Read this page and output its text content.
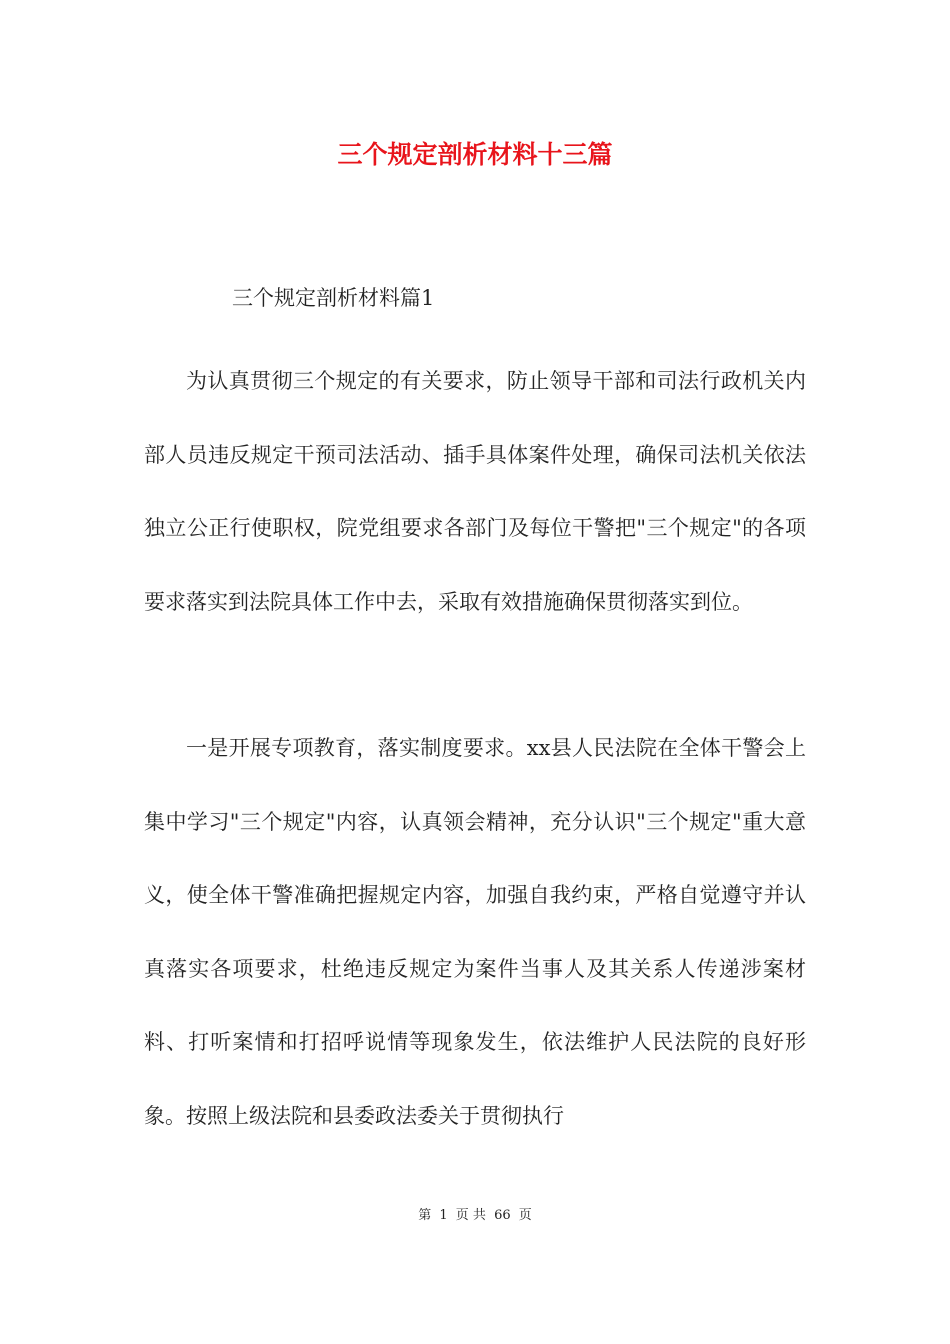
三个规定剖析材料十三篇

三个规定剖析材料篇1

为认真贯彻三个规定的有关要求，防止领导干部和司法行政机关内部人员违反规定干预司法活动、插手具体案件处理，确保司法机关依法独立公正行使职权，院党组要求各部门及每位干警把"三个规定"的各项要求落实到法院具体工作中去，采取有效措施确保贯彻落实到位。

一是开展专项教育，落实制度要求。xx县人民法院在全体干警会上集中学习"三个规定"内容，认真领会精神，充分认识"三个规定"重大意义，使全体干警准确把握规定内容，加强自我约束，严格自觉遵守并认真落实各项要求，杜绝违反规定为案件当事人及其关系人传递涉案材料、打听案情和打招呼说情等现象发生，依法维护人民法院的良好形象。按照上级法院和县委政法委关于贯彻执行

第 1 页 共 66 页
